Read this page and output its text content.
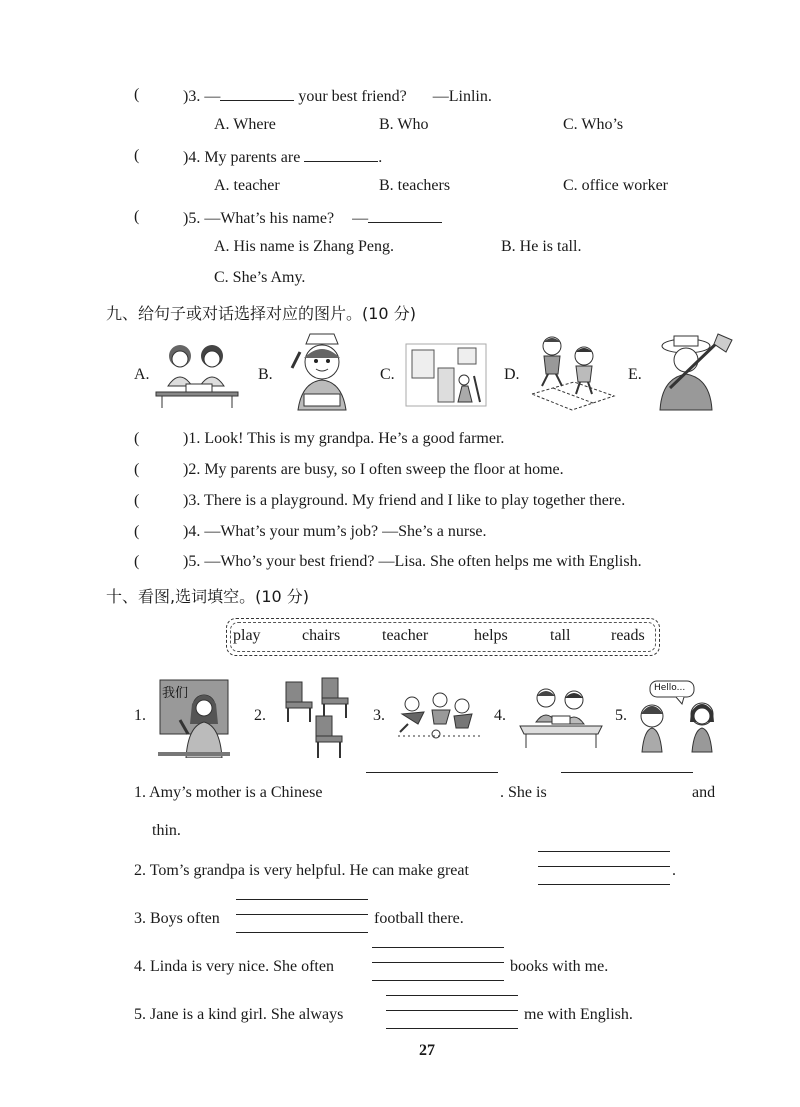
(	)3. —	your best friend? —Linlin.
A. Where	B. Who	C. Who’s
(	)4. My parents are	.
A. teacher	B. teachers	C. office worker
(	)5. —What’s his name? —
A. His name is Zhang Peng.	B. He is tall.
C. She’s Amy.
九、给句子或对话选择对应的图片。(10 分)
A.	B.	C.	D.	E.
(	)1. Look! This is my grandpa. He’s a good farmer.
(	)2. My parents are busy, so I often sweep the floor at home.
(	)3. There is a playground. My friend and I like to play together there.
(	)4. —What’s your mum’s job? —She’s a nurse.
(	)5. —Who’s your best friend? —Lisa. She often helps me with English.
十、看图,选词填空。(10 分)
play	chairs	teacher	helps	tall	reads
1.
我们
2.	3.	4.	5.
Hello...
1. Amy’s mother is a Chinese	. She is	and
thin.
2. Tom’s grandpa is very helpful. He can make great	.
3. Boys often	football there.
4. Linda is very nice. She often	books with me.
5. Jane is a kind girl. She always	me with English.
27
